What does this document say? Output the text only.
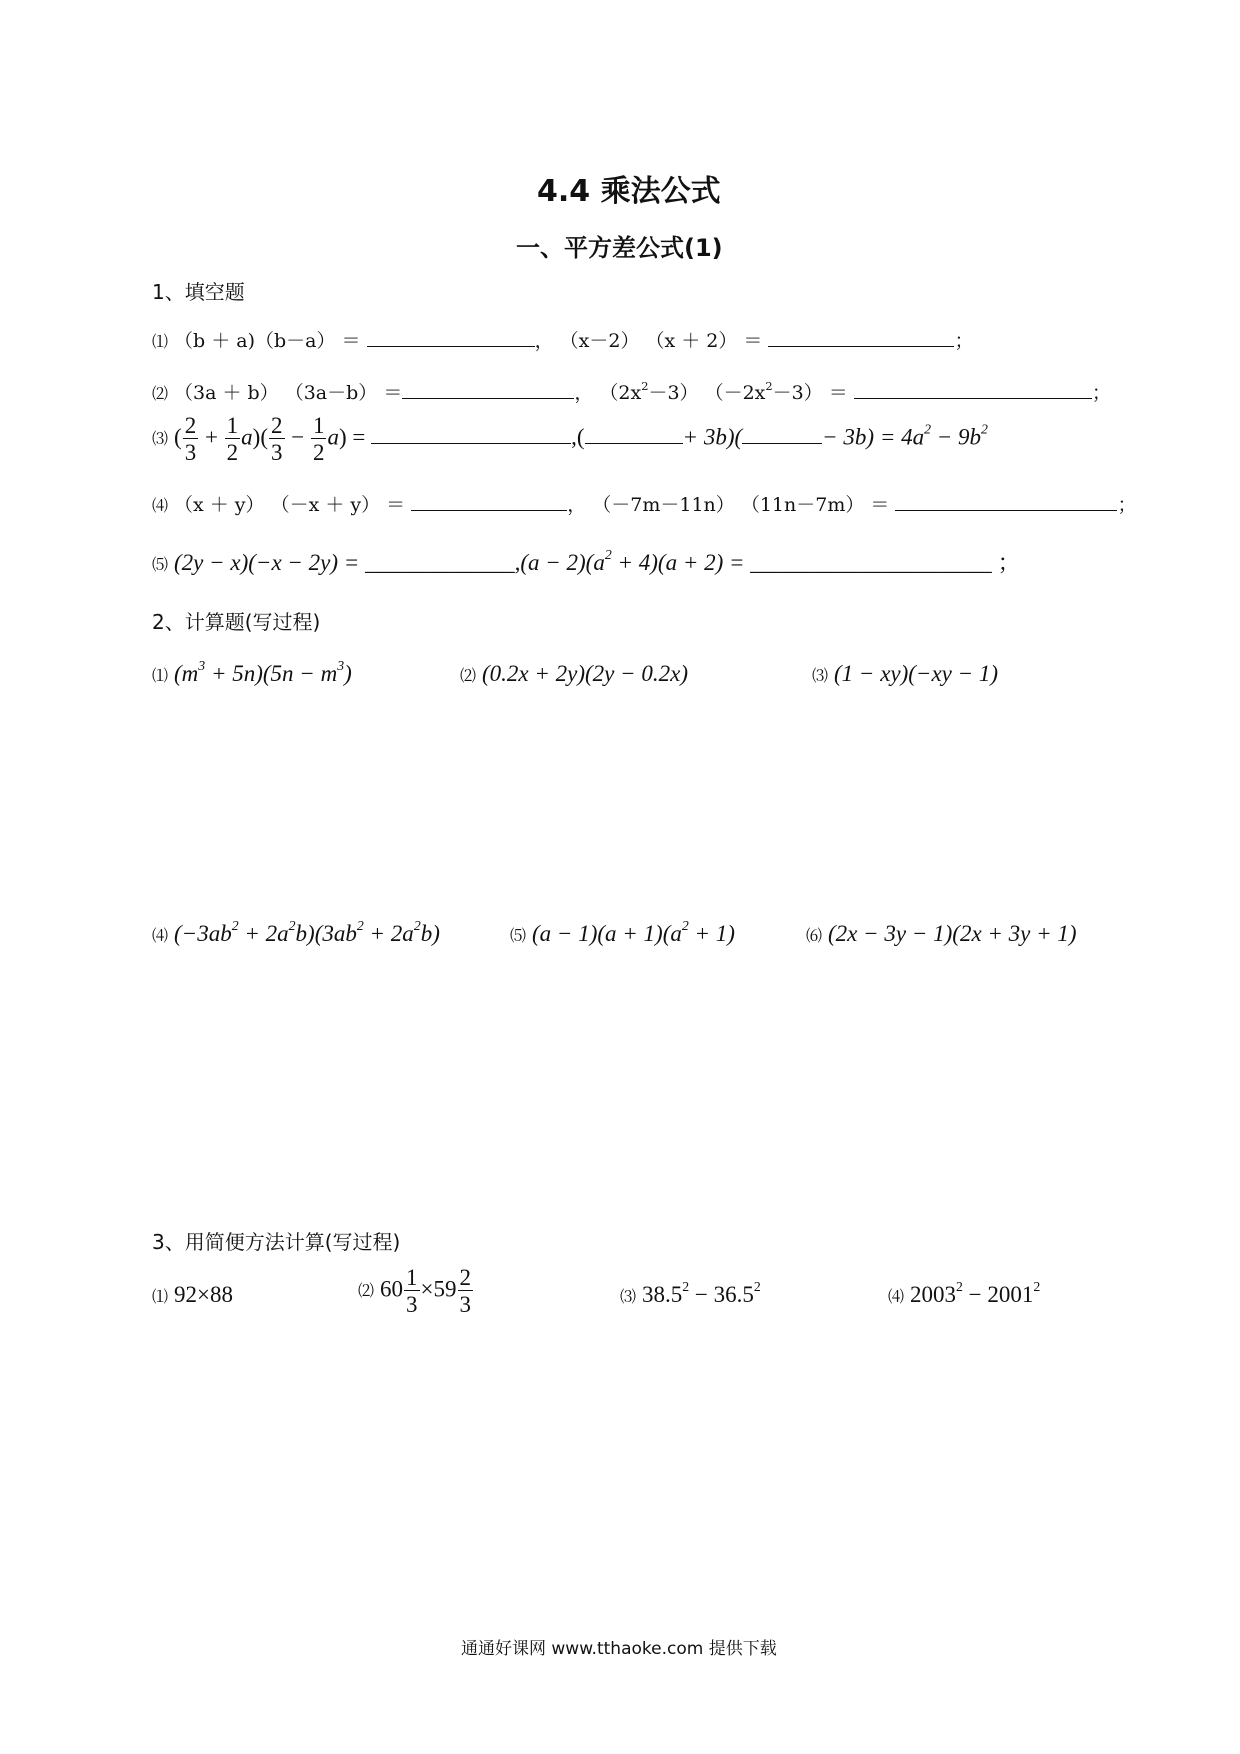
4.4 乘法公式
一、平方差公式(1)
1、填空题
⑴ （b ＋ a)（b－a） ＝	， （x－2） （x ＋ 2） ＝	；
⑵ （3a ＋ b） （3a－b） ＝	， $(2x^2-3) (-2x^2-3)$ ＝	；
⑶ ( $\frac{2}{3} + \frac{1}{2} a)( \frac{2}{3} - \frac{1}{2} a)$ =	,(	+ 3b)(	− $3b) = 4a^2 - 9b^2$
⑷ （x ＋ y） （－x ＋ y） ＝	， （－7m－11n） （11n－7m） ＝	；
⑸ (2y − x)(−x − 2y) = _____________,(a − $2)(a^2 + 4)(a + 2)$ = _____________________ ；
2、计算题(写过程)
⑴ $(m^3 + 5n)(5n - m^3)$	⑵ (0.2x + 2y)(2y − 0.2x)	⑶ (1 − xy)(−xy − 1)
⑷ $(-3ab^2 + 2a^2b)(3ab^2 + 2a^2b)$	⑸ $(a - 1)(a + 1)(a^2 + 1)$	⑹ (2x − 3y − 1)(2x + 3y + 1)
3、用简便方法计算(写过程)
⑴ 92×88	⑵ $60 \frac{1}{3} \times 59 \frac{2}{3}$	⑶ $38.5^2 - 36.5^2$
⑷ $2003^2 - 2001^2$
通通好课网 www.tthaoke.com 提供下载
